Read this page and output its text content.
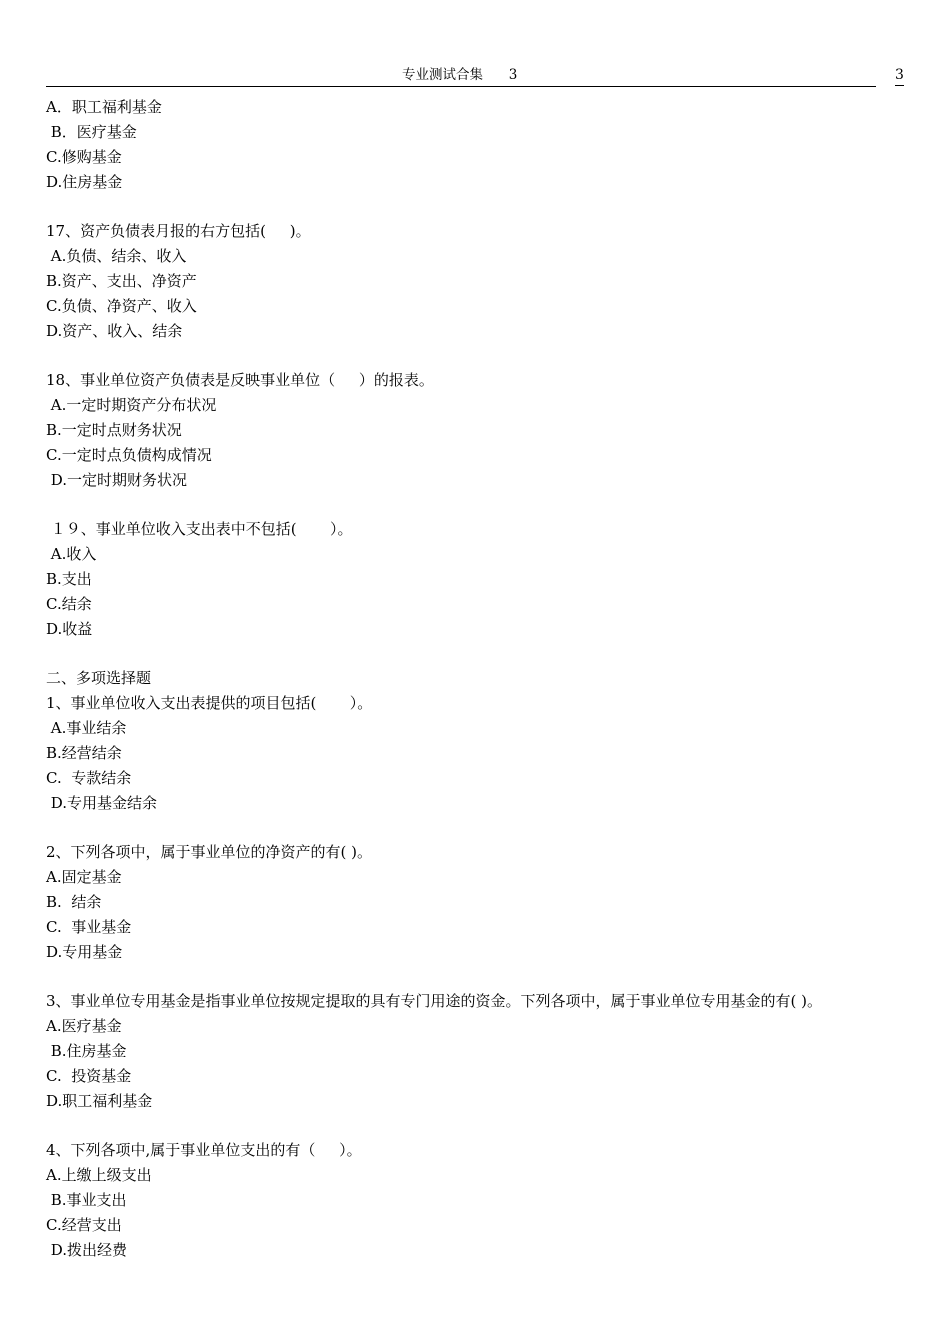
专业测试合集      3	3
A．职工福利基金
B．医疗基金
C.修购基金
D.住房基金
17、资产负债表月报的右方包括(     )。
A.负债、结余、收入
B.资产、支出、净资产
C.负债、净资产、收入
D.资产、收入、结余
18、事业单位资产负债表是反映事业单位（     ）的报表。
A.一定时期资产分布状况
B.一定时点财务状况
C.一定时点负债构成情况
D.一定时期财务状况
１９、事业单位收入支出表中不包括(       ）。
A.收入
B.支出
C.结余
D.收益
二、多项选择题
1、事业单位收入支出表提供的项目包括(       ）。
A.事业结余
B.经营结余
C.  专款结余
D.专用基金结余
2、下列各项中，属于事业单位的净资产的有( )。
A.固定基金
B.  结余
C.  事业基金
D.专用基金
3、事业单位专用基金是指事业单位按规定提取的具有专门用途的资金。下列各项中，属于事业单位专用基金的有( )。
A.医疗基金
B.住房基金
C.  投资基金
D.职工福利基金
4、下列各项中,属于事业单位支出的有（     ）。
A.上缴上级支出
B.事业支出
C.经营支出
D.拨出经费
